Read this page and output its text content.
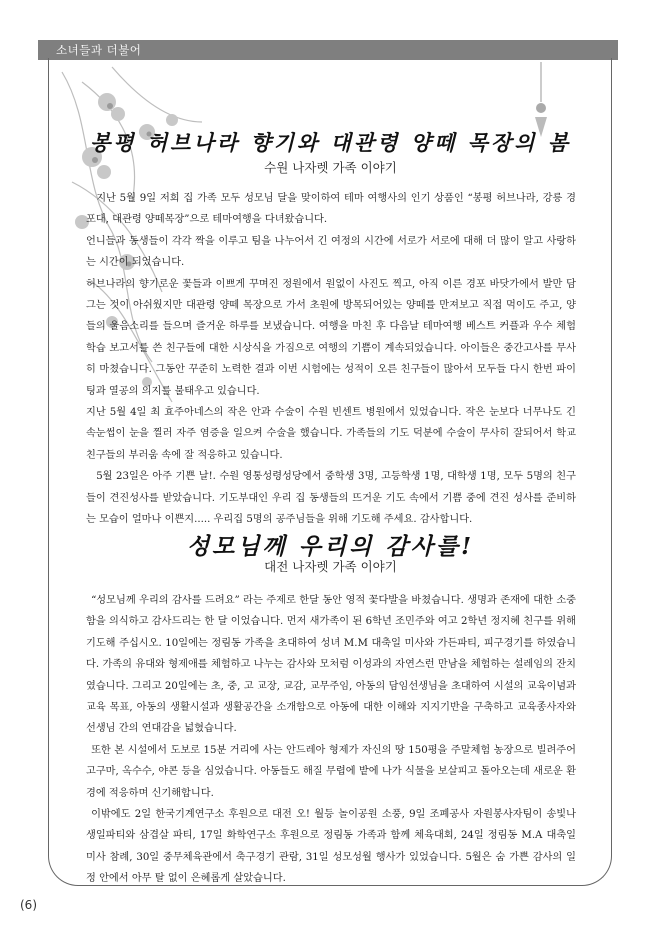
소녀들과 더불어
봉평 허브나라 향기와 대관령 양떼 목장의 봄
수원 나자렛 가족 이야기

지난 5월 9일 저희 집 가족 모두 성모님 달을 맞이하여 테마 여행사의 인기 상품인 “봉평 허브나라, 강릉 경포대, 대관령 양떼목장”으로 테마여행을 다녀왔습니다.

언니들과 동생들이 각각 짝을 이루고 팀을 나누어서 긴 여정의 시간에 서로가 서로에 대해 더 많이 알고 사랑하는 시간이 되었습니다.

허브나라의 향기로운 꽃들과 이쁘게 꾸며진 정원에서 원없이 사진도 찍고, 아직 이른 경포 바닷가에서 발만 담그는 것이 아쉬웠지만 대관령 양떼 목장으로 가서 초원에 방목되어있는 양떼를 만져보고 직접 먹이도 주고, 양들의 울음소리를 들으며 즐거운 하루를 보냈습니다. 여행을 마친 후 다음날 테마여행 베스트 커플과 우수 체험학습 보고서를 쓴 친구들에 대한 시상식을 가짐으로 여행의 기쁨이 계속되었습니다. 아이들은 중간고사를 무사히 마쳤습니다. 그동안 꾸준히 노력한 결과 이번 시험에는 성적이 오른 친구들이 많아서 모두들 다시 한번 파이팅과 열공의 의지를 불태우고 있습니다.

지난 5월 4일 최 효주아네스의 작은 안과 수술이 수원 빈센트 병원에서 있었습니다. 작은 눈보다 너무나도 긴 속눈썹이 눈을 찔러 자주 염증을 일으켜 수술을 했습니다. 가족들의 기도 덕분에 수술이 무사히 잘되어서 학교 친구들의 부러움 속에 잘 적응하고 있습니다.

5월 23일은 아주 기쁜 날!. 수원 영통성령성당에서 중학생 3명, 고등학생 1명, 대학생 1명, 모두 5명의 친구들이 견진성사를 받았습니다. 기도부대인 우리 집 동생들의 뜨거운 기도 속에서 기쁨 중에 견진 성사를 준비하는 모습이 얼마나 이쁜지..... 우리집 5명의 공주님들을 위해 기도해 주세요. 감사합니다.

성모님께 우리의 감사를!
대전 나자렛 가족 이야기

“성모님께 우리의 감사를 드려요” 라는 주제로 한달 동안 영적 꽃다발을 바쳤습니다. 생명과 존재에 대한 소중함을 의식하고 감사드리는 한 달 이었습니다. 먼저 새가족이 된 6학년 조민주와 여고 2학년 정지혜 친구를 위해 기도해 주십시오. 10일에는 정림동 가족을 초대하여 성녀 M.M 대축일 미사와 가든파티, 피구경기를 하였습니다. 가족의 유대와 형제애를 체험하고 나누는 감사와 모처럼 이성과의 자연스런 만남을 체험하는 설레임의 잔치였습니다. 그리고 20일에는 초, 중, 고 교장, 교감, 교무주임, 아동의 담임선생님을 초대하여 시설의 교육이념과 교육 목표, 아동의 생활시설과 생활공간을 소개함으로 아동에 대한 이해와 지지기반을 구축하고 교육종사자와 선생님 간의 연대감을 넓혔습니다.

또한 본 시설에서 도보로 15분 거리에 사는 안드레아 형제가 자신의 땅 150평을 주말체험 농장으로 빌려주어 고구마, 옥수수, 야콘 등을 심었습니다. 아동들도 해질 무렵에 밭에 나가 식물을 보살피고 돌아오는데 새로운 환경에 적응하며 신기해합니다.

이밖에도 2일 한국기계연구소 후원으로 대전 오! 월등 놀이공원 소풍, 9일 조폐공사 자원봉사자팀이 송빛나 생일파티와 삼겹살 파티, 17일 화학연구소 후원으로 정림동 가족과 함께 체육대회, 24일 정림동 M.A 대축일 미사 참례, 30일 중무체육관에서 축구경기 관람, 31일 성모성월 행사가 있었습니다. 5월은 숨 가쁜 감사의 일정 안에서 아무 탈 없이 은혜롭게 살았습니다.

(6)
